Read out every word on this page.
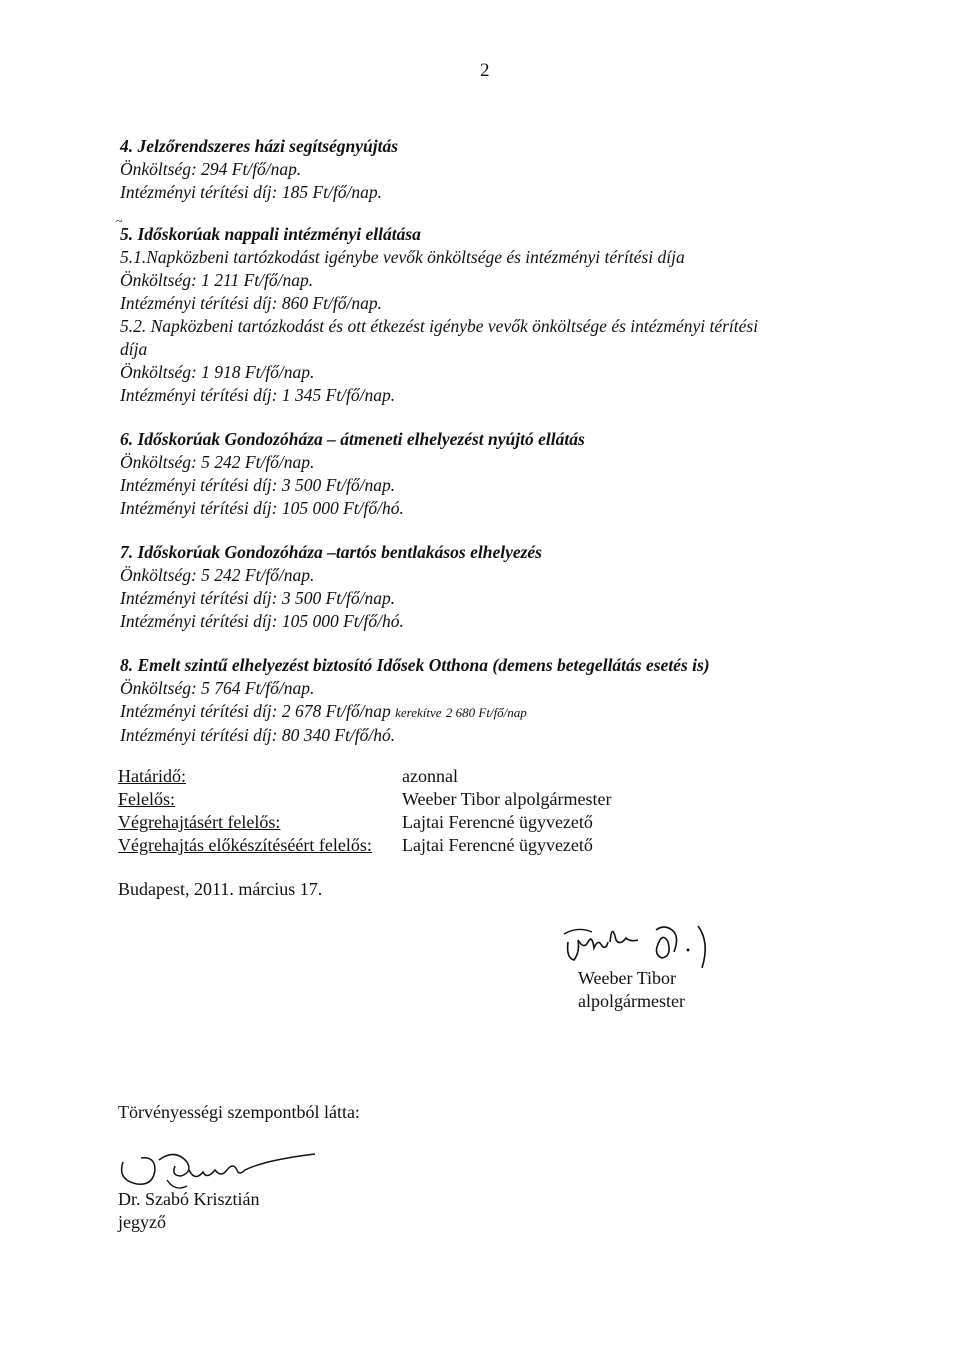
2
~
4. Jelzőrendszeres házi segítségnyújtás
Önköltség: 294 Ft/fő/nap.
Intézményi térítési díj: 185 Ft/fő/nap.
5. Időskorúak nappali intézményi ellátása
5.1.Napközbeni tartózkodást igénybe vevők önköltsége és intézményi térítési díja
Önköltség: 1 211 Ft/fő/nap.
Intézményi térítési díj: 860 Ft/fő/nap.
5.2. Napközbeni tartózkodást és ott étkezést igénybe vevők önköltsége és intézményi térítési
díja
Önköltség: 1 918 Ft/fő/nap.
Intézményi térítési díj: 1 345 Ft/fő/nap.
6. Időskorúak Gondozóháza – átmeneti elhelyezést nyújtó ellátás
Önköltség: 5 242 Ft/fő/nap.
Intézményi térítési díj: 3 500 Ft/fő/nap.
Intézményi térítési díj: 105 000 Ft/fő/hó.
7. Időskorúak Gondozóháza –tartós bentlakásos elhelyezés
Önköltség: 5 242 Ft/fő/nap.
Intézményi térítési díj: 3 500 Ft/fő/nap.
Intézményi térítési díj: 105 000 Ft/fő/hó.
8. Emelt szintű elhelyezést biztosító Idősek Otthona (demens betegellátás esetés is)
Önköltség: 5 764 Ft/fő/nap.
Intézményi térítési díj: 2 678 Ft/fő/nap kerekítve 2 680 Ft/fő/nap
Intézményi térítési díj: 80 340 Ft/fő/hó.
Határidő:
Felelős:
Végrehajtásért felelős:
Végrehajtás előkészítéséért felelős:
azonnal
Weeber Tibor alpolgármester
Lajtai Ferencné ügyvezető
Lajtai Ferencné ügyvezető
Budapest, 2011. március 17.
Weeber Tibor
alpolgármester
Törvényességi szempontból látta:
Dr. Szabó Krisztián
jegyző
